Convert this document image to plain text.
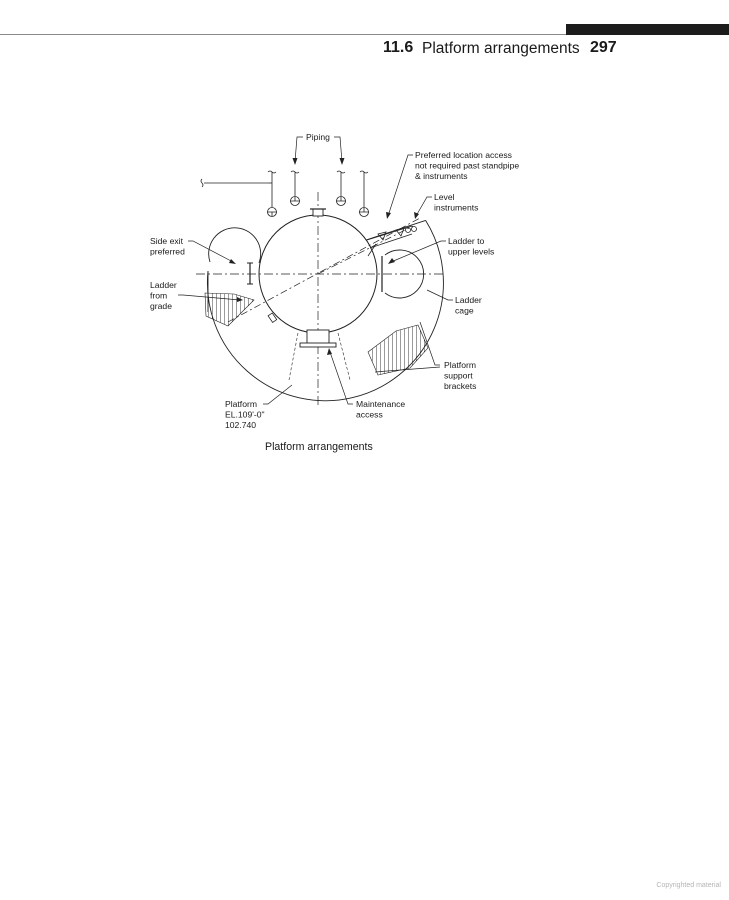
11.6 Platform arrangements 297
Piping
Preferred location access not required past standpipe & instruments
Level instruments
Side exit preferred
Ladder to upper levels
Ladder from grade
Ladder cage
Platform support brackets
Platform EL.109'-0" 102.740
Maintenance access
Platform arrangements
Copyrighted material
